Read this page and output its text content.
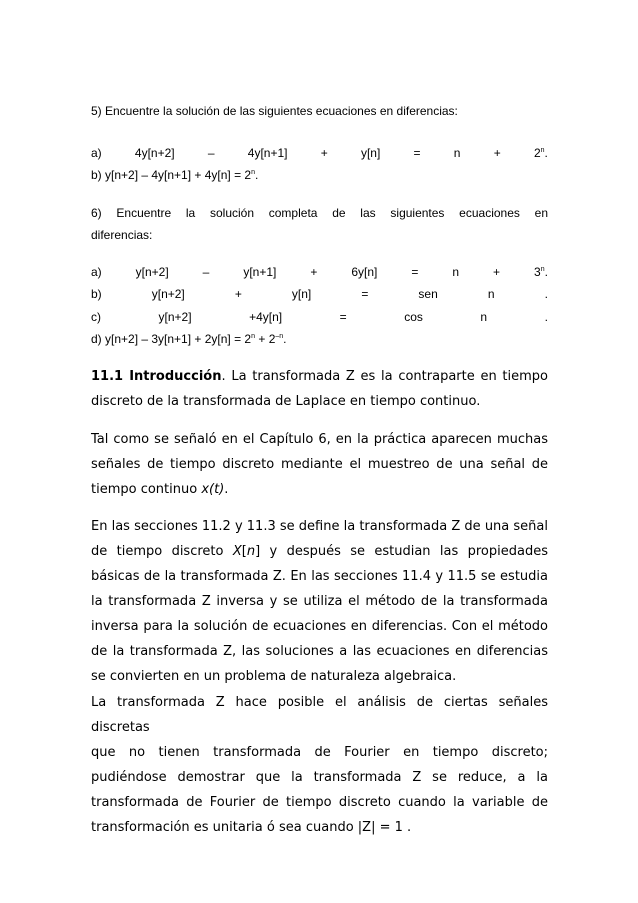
5) Encuentre la solución de las siguientes ecuaciones en diferencias:
a)	4y[n+2]	–	4y[n+1]	+	y[n]	=	n	+	$2^n$.
b) $y[n+2] - 4y[n+1] + 4y[n] = 2^n$.
6) Encuentre la solución completa de las siguientes ecuaciones en
diferencias:
a)	y[n+2]	–	y[n+1]	+	6y[n]	=	n	+	$3^n$.
b)	y[n+2]	+	y[n]	=	sen	n	.
c)	y[n+2]	+4y[n]	=	cos	n	.
d) $y[n+2] - 3y[n+1] + 2y[n] = 2^n + 2^{-n}$.
11.1 Introducción. La transformada Z es la contraparte en tiempo
discreto de la transformada de Laplace en tiempo continuo.
Tal como se señaló en el Capítulo 6, en la práctica aparecen muchas
señales de tiempo discreto mediante el muestreo de una señal de
tiempo continuo x(t).
En las secciones 11.2 y 11.3 se define la transformada Z de una señal
de tiempo discreto X[n] y después se estudian las propiedades
básicas de la transformada Z. En las secciones 11.4 y 11.5 se estudia
la transformada Z inversa y se utiliza el método de la transformada
inversa para la solución de ecuaciones en diferencias. Con el método
de la transformada Z, las soluciones a las ecuaciones en diferencias
se convierten en un problema de naturaleza algebraica.
La transformada Z hace posible el análisis de ciertas señales discretas
que no tienen transformada de Fourier en tiempo discreto;
pudiéndose demostrar que la transformada Z se reduce, a la
transformada de Fourier de tiempo discreto cuando la variable de
transformación es unitaria ó sea cuando |Z| = 1 .
